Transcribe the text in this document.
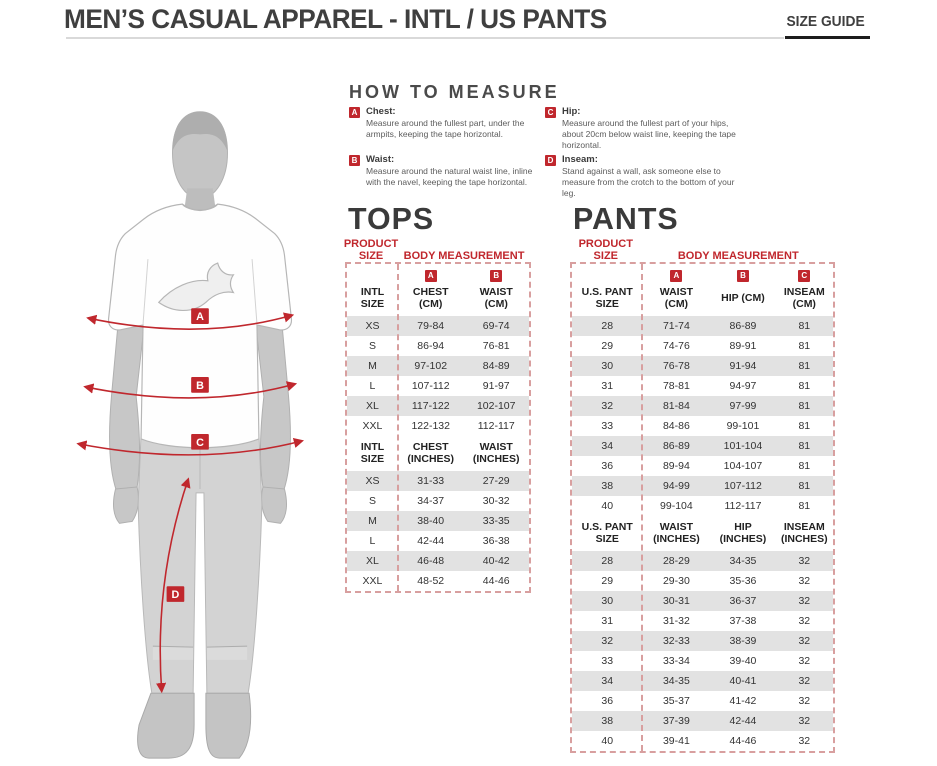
MEN’S CASUAL APPAREL - INTL / US PANTS	SIZE GUIDE
A
B
C
D
HOW TO MEASURE
A Chest:
Measure around the fullest part, under the armpits, keeping the tape horizontal.
B Waist:
Measure around the natural waist line, inline with the navel, keeping the tape horizontal.
C Hip:
Measure around the fullest part of your hips, about 20cm below waist line, keeping the tape horizontal.
D Inseam:
Stand against a wall, ask someone else to measure from the crotch to the bottom of your leg.
TOPS
PRODUCT SIZE	BODY MEASUREMENT
A	B
INTL SIZE
CHEST (CM)
WAIST (CM)
XS	79-84	69-74
S	86-94	76-81
M	97-102	84-89
L	107-112	91-97
XL	117-122	102-107
XXL	122-132	112-117
INTL SIZE
CHEST (INCHES)
WAIST (INCHES)
XS	31-33	27-29
S	34-37	30-32
M	38-40	33-35
L	42-44	36-38
XL	46-48	40-42
XXL	48-52	44-46
PANTS
PRODUCT SIZE	BODY MEASUREMENT
A	B	C
U.S. PANT SIZE
WAIST (CM)
HIP (CM)
INSEAM (CM)
28	71-74	86-89	81
29	74-76	89-91	81
30	76-78	91-94	81
31	78-81	94-97	81
32	81-84	97-99	81
33	84-86	99-101	81
34	86-89	101-104	81
36	89-94	104-107	81
38	94-99	107-112	81
40	99-104	112-117	81
U.S. PANT SIZE
WAIST (INCHES)
HIP (INCHES)
INSEAM (INCHES)
28	28-29	34-35	32
29	29-30	35-36	32
30	30-31	36-37	32
31	31-32	37-38	32
32	32-33	38-39	32
33	33-34	39-40	32
34	34-35	40-41	32
36	35-37	41-42	32
38	37-39	42-44	32
40	39-41	44-46	32
